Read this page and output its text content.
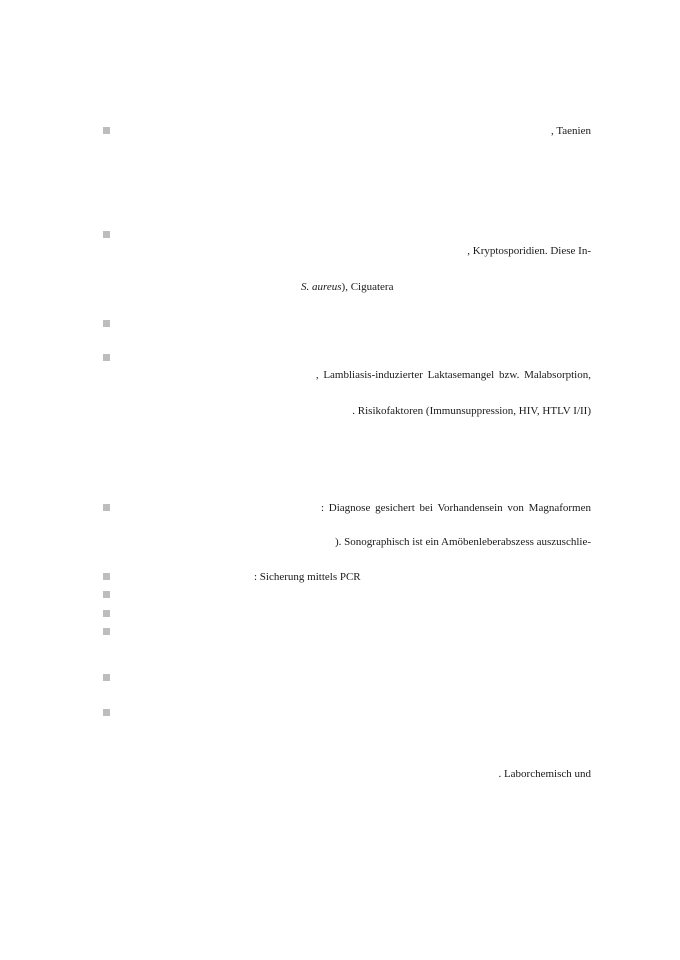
, Taenien
, Kryptosporidien. Diese In-
S. aureus), Ciguatera
, Lambliasis-induzierter Laktasemangel bzw. Malabsorption,
. Risikofaktoren (Immunsuppression, HIV, HTLV I/II)
: Diagnose gesichert bei Vorhandensein von Magnaformen
). Sonographisch ist ein Amöbenleberabszess auszuschlie-
: Sicherung mittels PCR
. Laborchemisch und
